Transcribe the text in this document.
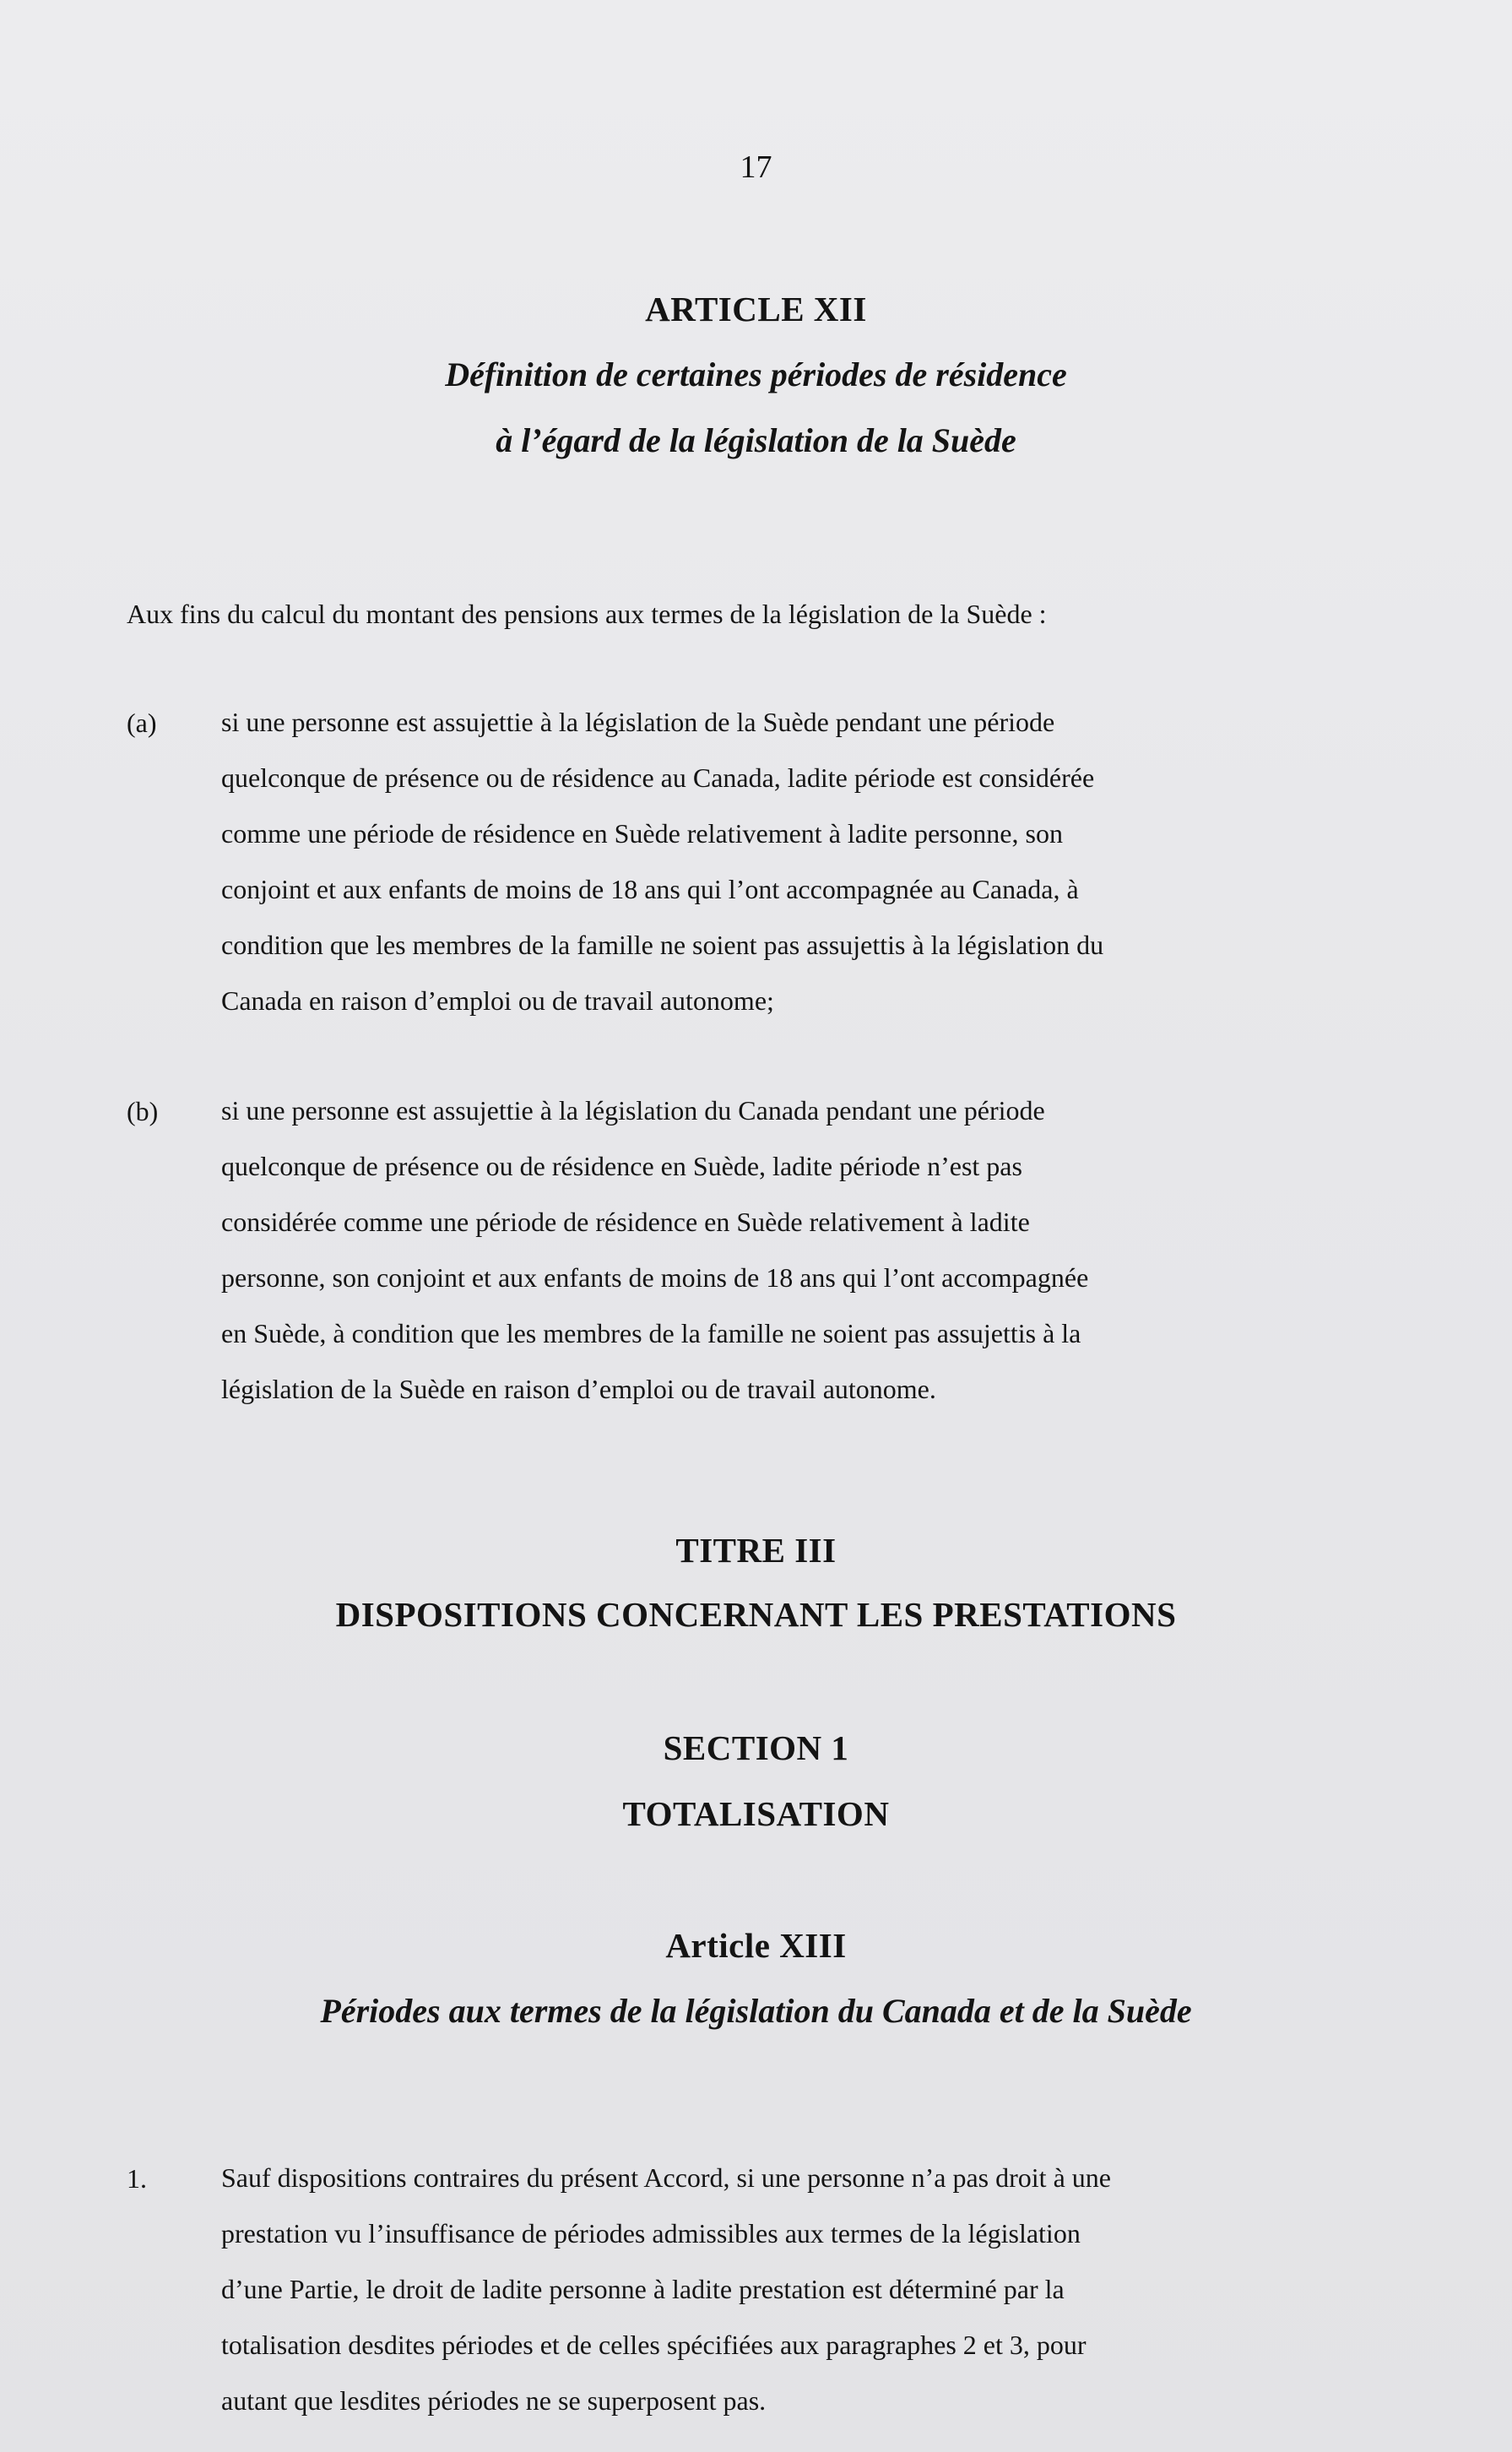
17
ARTICLE XII
Définition de certaines périodes de résidence
à l’égard de la législation de la Suède
Aux fins du calcul du montant des pensions aux termes de la législation de la Suède :
(a) si une personne est assujettie à la législation de la Suède pendant une période
quelconque de présence ou de résidence au Canada, ladite période est considérée
comme une période de résidence en Suède relativement à ladite personne, son
conjoint et aux enfants de moins de 18 ans qui l’ont accompagnée au Canada, à
condition que les membres de la famille ne soient pas assujettis à la législation du
Canada en raison d’emploi ou de travail autonome;
(b) si une personne est assujettie à la législation du Canada pendant une période
quelconque de présence ou de résidence en Suède, ladite période n’est pas
considérée comme une période de résidence en Suède relativement à ladite
personne, son conjoint et aux enfants de moins de 18 ans qui l’ont accompagnée
en Suède, à condition que les membres de la famille ne soient pas assujettis à la
législation de la Suède en raison d’emploi ou de travail autonome.
TITRE III
DISPOSITIONS CONCERNANT LES PRESTATIONS
SECTION 1
TOTALISATION
Article XIII
Périodes aux termes de la législation du Canada et de la Suède
1.	Sauf dispositions contraires du présent Accord, si une personne n’a pas droit à une
prestation vu l’insuffisance de périodes admissibles aux termes de la législation
d’une Partie, le droit de ladite personne à ladite prestation est déterminé par la
totalisation desdites périodes et de celles spécifiées aux paragraphes 2 et 3, pour
autant que lesdites périodes ne se superposent pas.
